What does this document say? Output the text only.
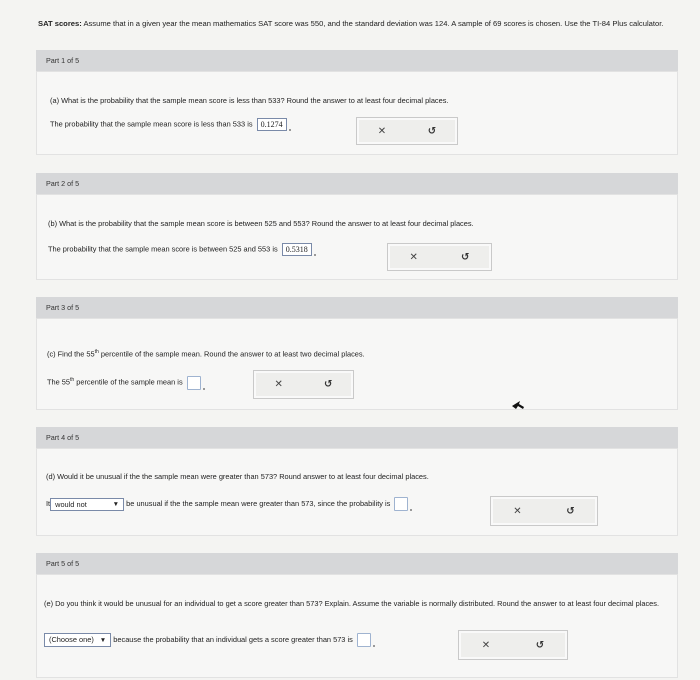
SAT scores: Assume that in a given year the mean mathematics SAT score was 550, and the standard deviation was 124. A sample of 69 scores is chosen. Use the TI-84 Plus calculator.
Part 1 of 5
(a) What is the probability that the sample mean score is less than 533? Round the answer to at least four decimal places.
The probability that the sample mean score is less than 533 is 0.1274
✕	↺
Part 2 of 5
(b) What is the probability that the sample mean score is between 525 and 553? Round the answer to at least four decimal places.
The probability that the sample mean score is between 525 and 553 is 0.5318
✕	↺
Part 3 of 5
(c) Find the 55th percentile of the sample mean. Round the answer to at least two decimal places.
The 55th percentile of the sample mean is	✕	↺
Part 4 of 5
(d) Would it be unusual if the the sample mean were greater than 573? Round answer to at least four decimal places.
It would not	▼ be unusual if the the sample mean were greater than 573, since the probability is
✕	↺
Part 5 of 5
(e) Do you think it would be unusual for an individual to get a score greater than 573? Explain. Assume the variable is normally distributed. Round the answer to at least four decimal places.
(Choose one) ▼ because the probability that an individual gets a score greater than 573 is
✕	↺
